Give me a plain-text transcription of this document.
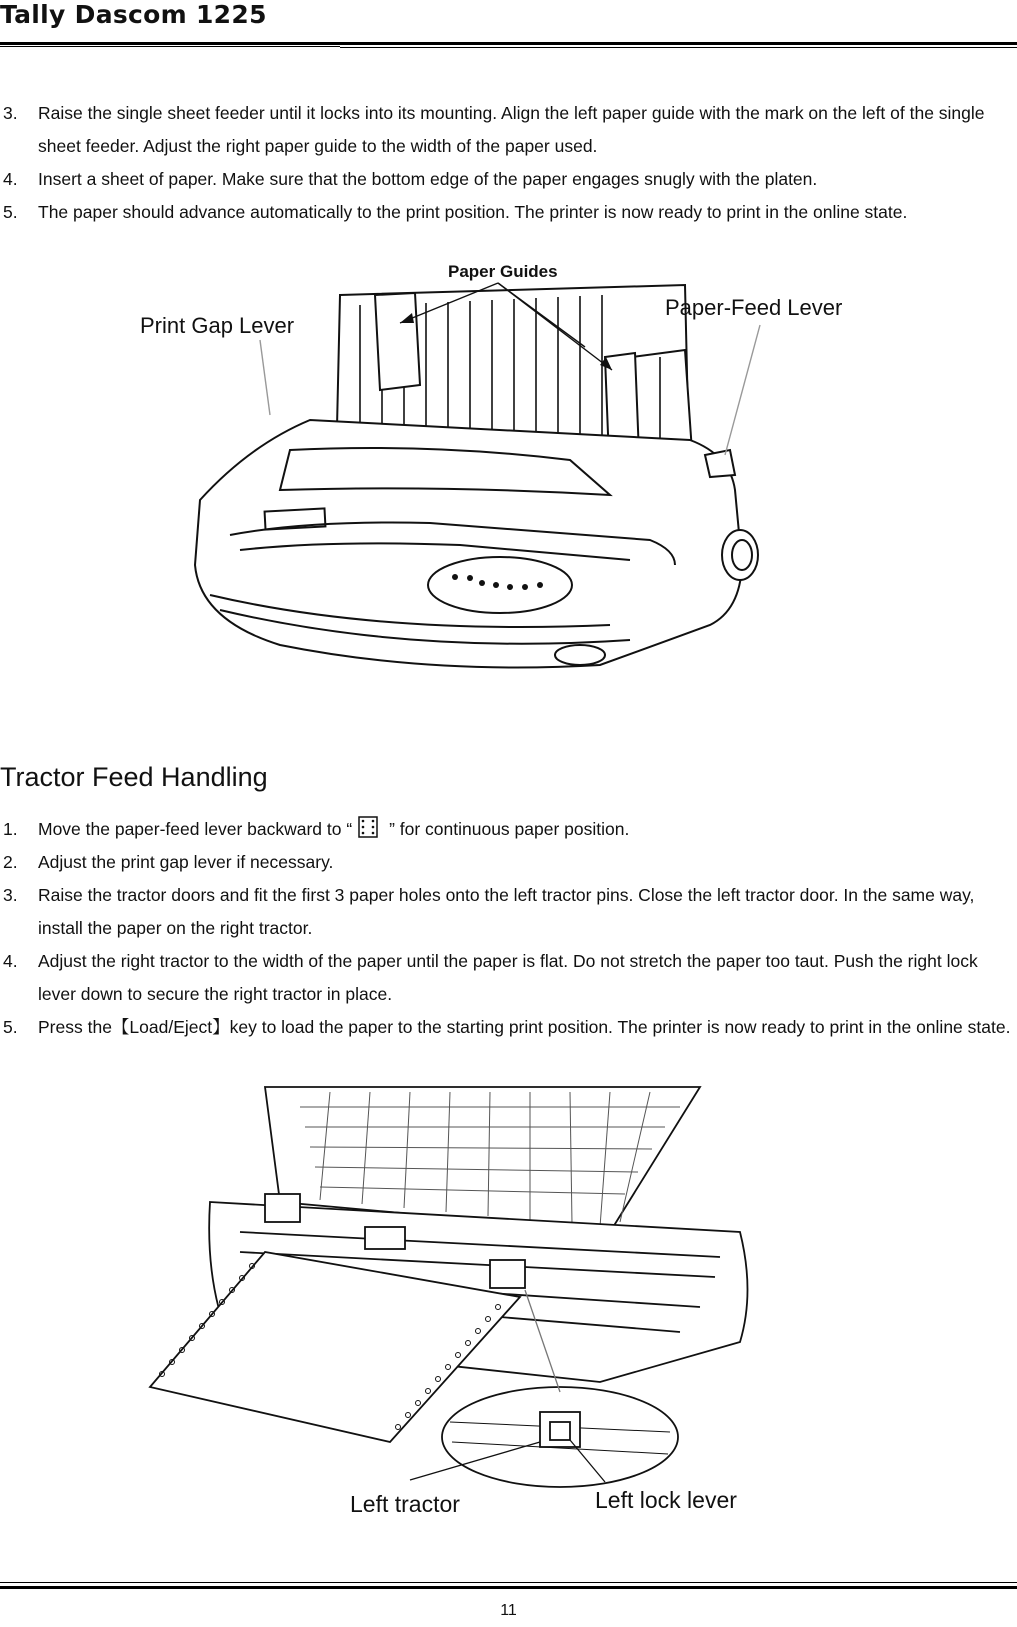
Tally Dascom 1225
3. Raise the single sheet feeder until it locks into its mounting. Align the left paper guide with the mark on the left of the single sheet feeder. Adjust the right paper guide to the width of the paper used.
4. Insert a sheet of paper. Make sure that the bottom edge of the paper engages snugly with the platen.
5. The paper should advance automatically to the print position. The printer is now ready to print in the online state.
Paper Guides
Print Gap Lever
Paper-Feed Lever
Tractor Feed Handling
1. Move the paper-feed lever backward to “ ” for continuous paper position.
2. Adjust the print gap lever if necessary.
3. Raise the tractor doors and fit the first 3 paper holes onto the left tractor pins. Close the left tractor door. In the same way, install the paper on the right tractor.
4. Adjust the right tractor to the width of the paper until the paper is flat. Do not stretch the paper too taut. Push the right lock lever down to secure the right tractor in place.
5. Press the【Load/Eject】key to load the paper to the starting print position. The printer is now ready to print in the online state.
Left tractor	Left lock lever
11
